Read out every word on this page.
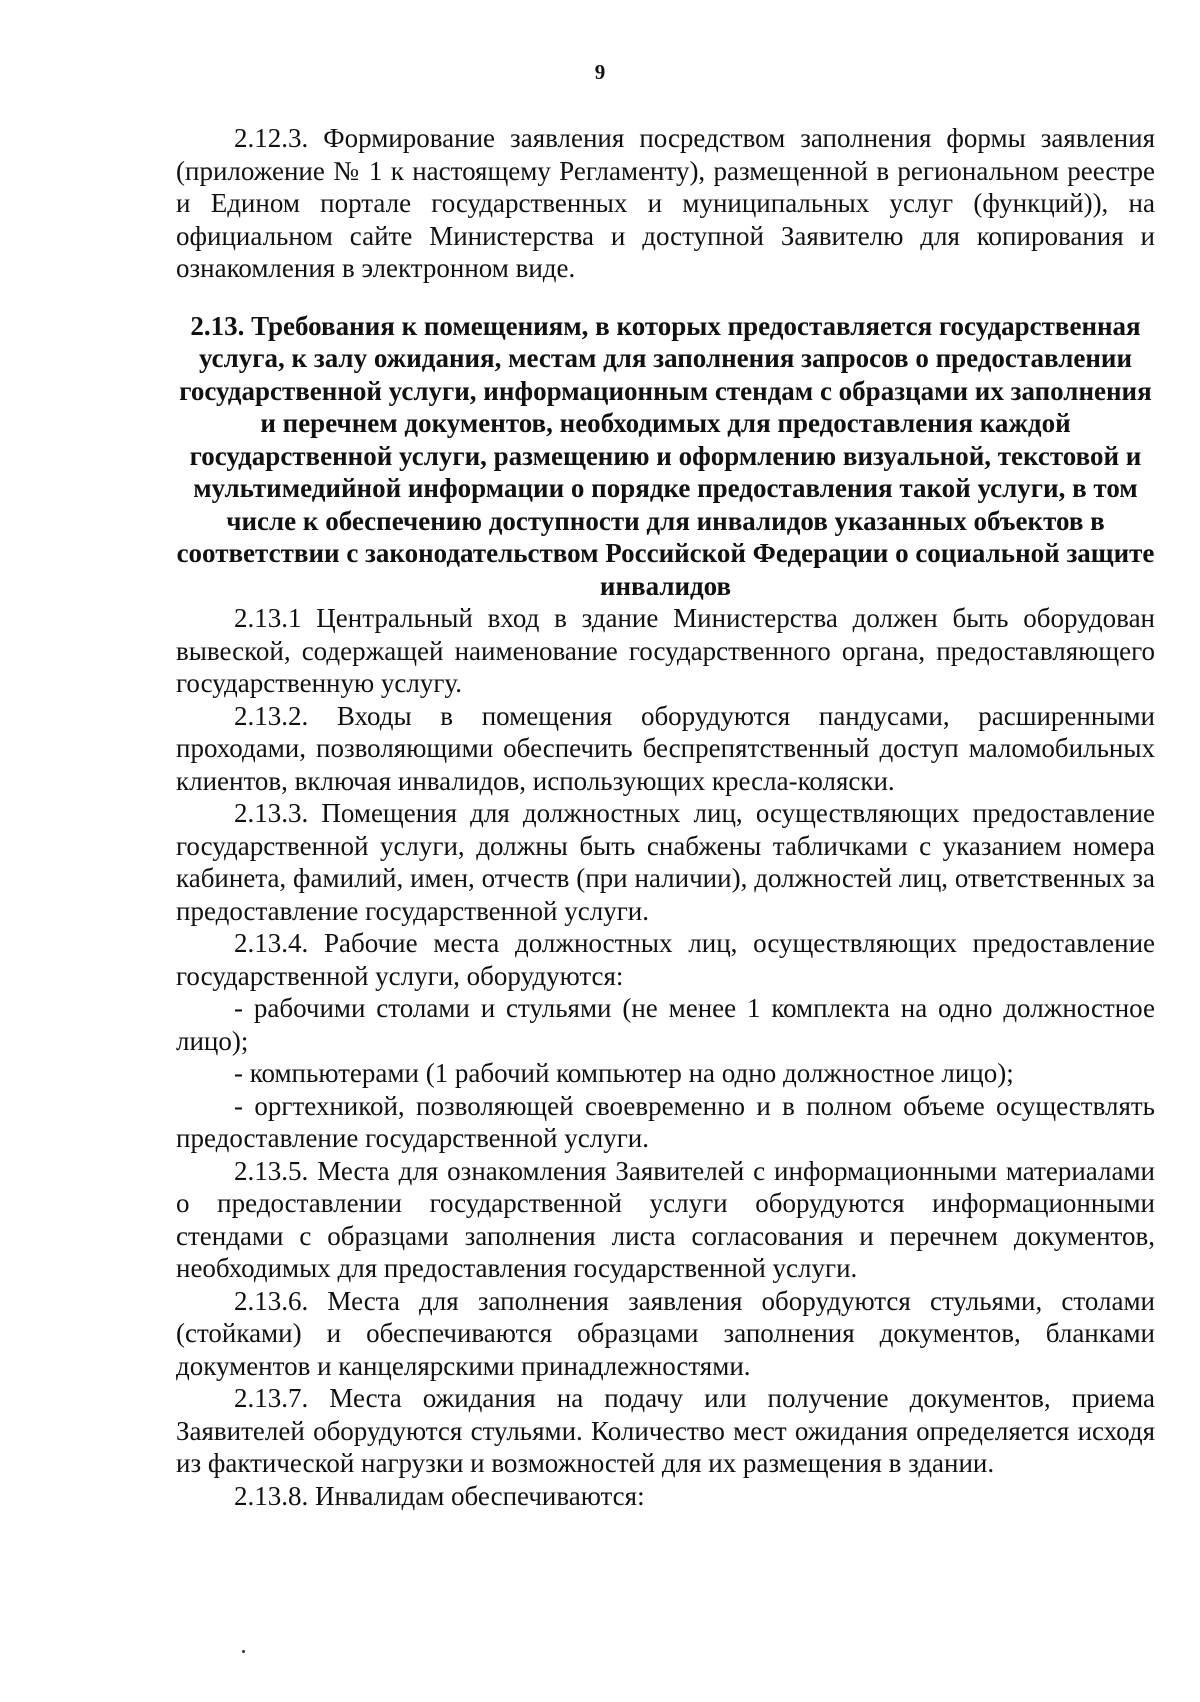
9

2.12.3. Формирование заявления посредством заполнения формы заявления (приложение № 1 к настоящему Регламенту), размещенной в региональном реестре и Едином портале государственных и муниципальных услуг (функций)), на официальном сайте Министерства и доступной Заявителю для копирования и ознакомления в электронном виде.

2.13. Требования к помещениям, в которых предоставляется государственная услуга, к залу ожидания, местам для заполнения запросов о предоставлении государственной услуги, информационным стендам с образцами их заполнения и перечнем документов, необходимых для предоставления каждой государственной услуги, размещению и оформлению визуальной, текстовой и мультимедийной информации о порядке предоставления такой услуги, в том числе к обеспечению доступности для инвалидов указанных объектов в соответствии с законодательством Российской Федерации о социальной защите инвалидов

2.13.1 Центральный вход в здание Министерства должен быть оборудован вывеской, содержащей наименование государственного органа, предоставляющего государственную услугу.

2.13.2. Входы в помещения оборудуются пандусами, расширенными проходами, позволяющими обеспечить беспрепятственный доступ маломобильных клиентов, включая инвалидов, использующих кресла-коляски.

2.13.3. Помещения для должностных лиц, осуществляющих предоставление государственной услуги, должны быть снабжены табличками с указанием номера кабинета, фамилий, имен, отчеств (при наличии), должностей лиц, ответственных за предоставление государственной услуги.

2.13.4. Рабочие места должностных лиц, осуществляющих предоставление государственной услуги, оборудуются:

- рабочими столами и стульями (не менее 1 комплекта на одно должностное лицо);

- компьютерами (1 рабочий компьютер на одно должностное лицо);

- оргтехникой, позволяющей своевременно и в полном объеме осуществлять предоставление государственной услуги.

2.13.5. Места для ознакомления Заявителей с информационными материалами о предоставлении государственной услуги оборудуются информационными стендами с образцами заполнения листа согласования и перечнем документов, необходимых для предоставления государственной услуги.

2.13.6. Места для заполнения заявления оборудуются стульями, столами (стойками) и обеспечиваются образцами заполнения документов, бланками документов и канцелярскими принадлежностями.

2.13.7. Места ожидания на подачу или получение документов, приема Заявителей оборудуются стульями. Количество мест ожидания определяется исходя из фактической нагрузки и возможностей для их размещения в здании.

2.13.8. Инвалидам обеспечиваются:
